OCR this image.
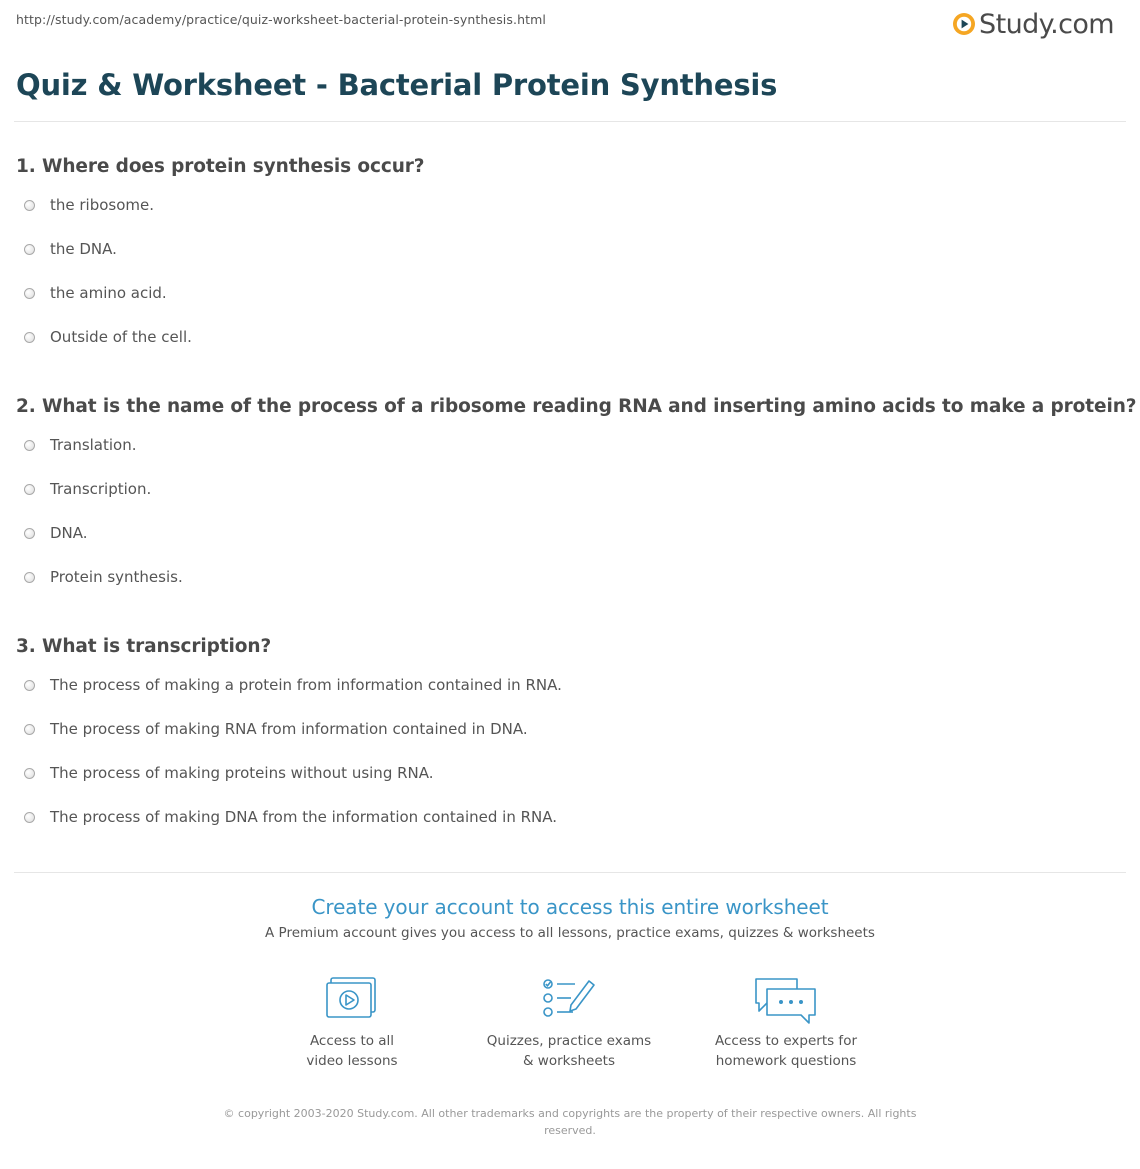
http://study.com/academy/practice/quiz-worksheet-bacterial-protein-synthesis.html	Study.com
Quiz & Worksheet - Bacterial Protein Synthesis

1. Where does protein synthesis occur?

the ribosome.
the DNA.
the amino acid.
Outside of the cell.

2. What is the name of the process of a ribosome reading RNA and inserting amino acids to make a protein?

Translation.
Transcription.
DNA.
Protein synthesis.

3. What is transcription?

The process of making a protein from information contained in RNA.
The process of making RNA from information contained in DNA.
The process of making proteins without using RNA.
The process of making DNA from the information contained in RNA.
Create your account to access this entire worksheet
A Premium account gives you access to all lessons, practice exams, quizzes & worksheets
Access to all
video lessons
Quizzes, practice exams
& worksheets
Access to experts for
homework questions
© copyright 2003-2020 Study.com. All other trademarks and copyrights are the property of their respective owners. All rights
reserved.
